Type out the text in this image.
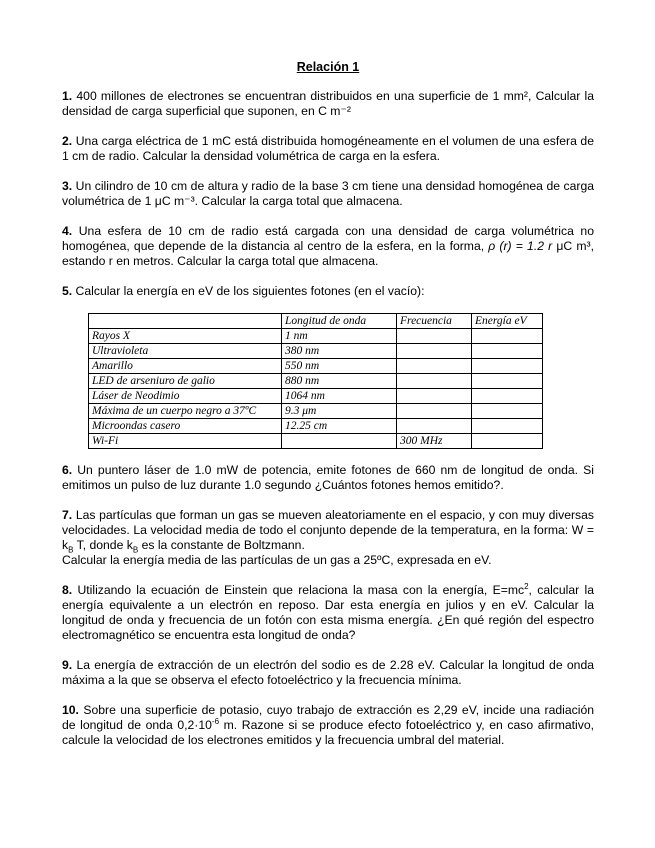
Relación 1

1. 400 millones de electrones se encuentran distribuidos en una superficie de 1 mm², Calcular la densidad de carga superficial que suponen, en C m⁻²

2. Una carga eléctrica de 1 mC está distribuida homogéneamente en el volumen de una esfera de 1 cm de radio. Calcular la densidad volumétrica de carga en la esfera.

3. Un cilindro de 10 cm de altura y radio de la base 3 cm tiene una densidad homogénea de carga volumétrica de 1 μC m⁻³. Calcular la carga total que almacena.

4. Una esfera de 10 cm de radio está cargada con una densidad de carga volumétrica no homogénea, que depende de la distancia al centro de la esfera, en la forma, ρ (r) = 1.2 r μC m³, estando r en metros. Calcular la carga total que almacena.

5. Calcular la energía en eV de los siguientes fotones (en el vacío):

	Longitud de onda	Frecuencia	Energía eV
Rayos X	1 nm		
Ultravioleta	380 nm		
Amarillo	550 nm		
LED de arseniuro de galio	880 nm		
Láser de Neodimio	1064 nm		
Máxima de un cuerpo negro a 37ºC	9.3 μm		
Microondas casero	12.25 cm		
Wi-Fi		300 MHz	

6. Un puntero láser de 1.0 mW de potencia, emite fotones de 660 nm de longitud de onda. Si emitimos un pulso de luz durante 1.0 segundo ¿Cuántos fotones hemos emitido?.

7. Las partículas que forman un gas se mueven aleatoriamente en el espacio, y con muy diversas velocidades. La velocidad media de todo el conjunto depende de la temperatura, en la forma: $W = k_B$ T, donde $k_B$ es la constante de Boltzmann.
Calcular la energía media de las partículas de un gas a 25ºC, expresada en eV.

8. Utilizando la ecuación de Einstein que relaciona la masa con la energía, $E=mc^2$, calcular la energía equivalente a un electrón en reposo. Dar esta energía en julios y en eV. Calcular la longitud de onda y frecuencia de un fotón con esta misma energía. ¿En qué región del espectro electromagnético se encuentra esta longitud de onda?

9. La energía de extracción de un electrón del sodio es de 2.28 eV. Calcular la longitud de onda máxima a la que se observa el efecto fotoeléctrico y la frecuencia mínima.

10. Sobre una superficie de potasio, cuyo trabajo de extracción es 2,29 eV, incide una radiación de longitud de onda $0,2\cdot 10^{-6}$ m. Razone si se produce efecto fotoeléctrico y, en caso afirmativo, calcule la velocidad de los electrones emitidos y la frecuencia umbral del material.
